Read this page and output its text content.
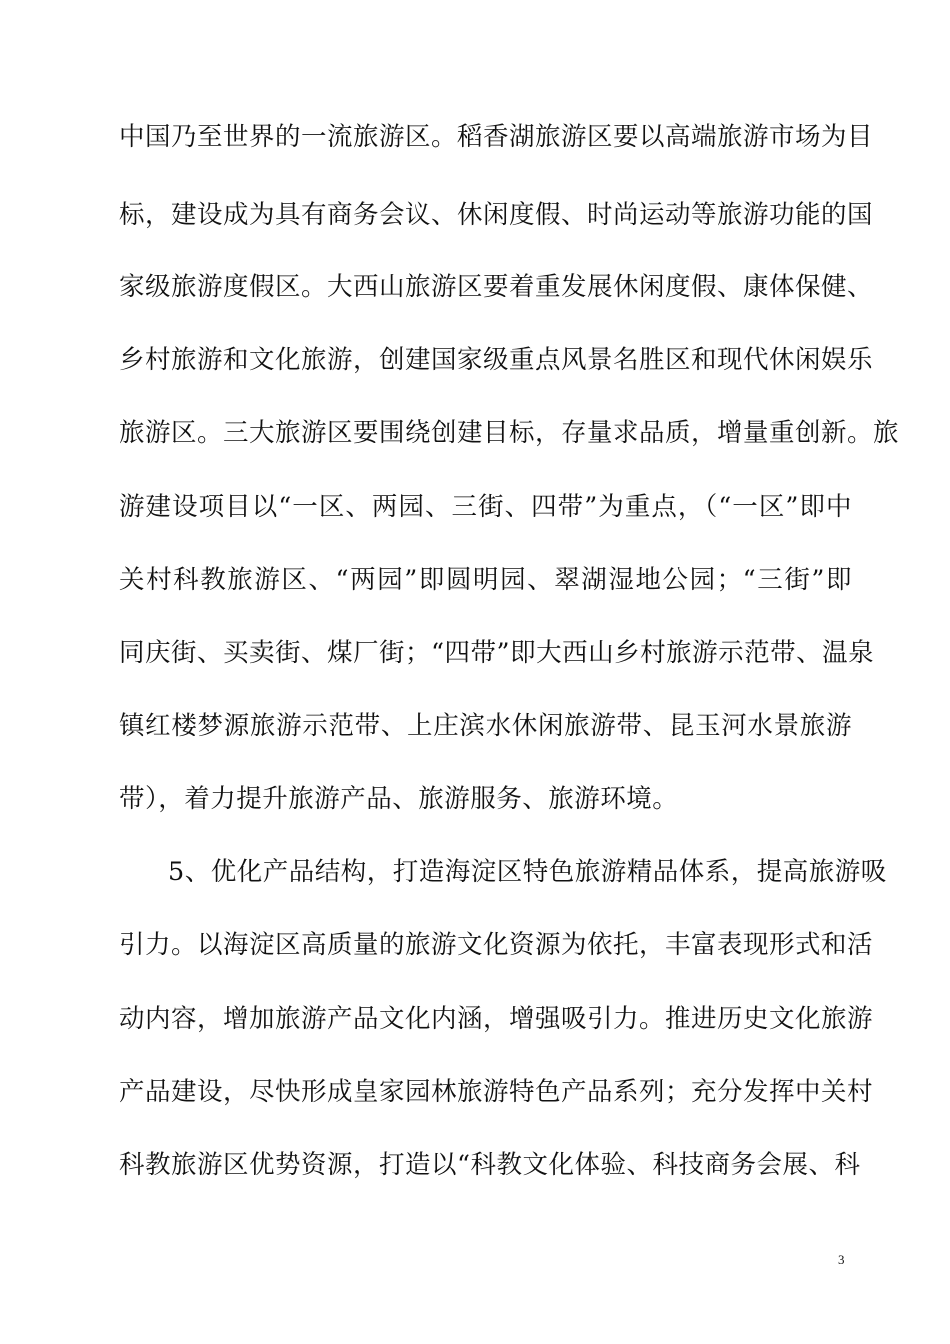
中国乃至世界的一流旅游区。稻香湖旅游区要以高端旅游市场为目
标，建设成为具有商务会议、休闲度假、时尚运动等旅游功能的国
家级旅游度假区。大西山旅游区要着重发展休闲度假、康体保健、
乡村旅游和文化旅游，创建国家级重点风景名胜区和现代休闲娱乐
旅游区。三大旅游区要围绕创建目标，存量求品质，增量重创新。旅
游建设项目以“一区、两园、三街、四带”为重点，（“一区”即中
关村科教旅游区、“两园”即圆明园、翠湖湿地公园；“三街”即
同庆街、买卖街、煤厂街；“四带”即大西山乡村旅游示范带、温泉
镇红楼梦源旅游示范带、上庄滨水休闲旅游带、昆玉河水景旅游
带），着力提升旅游产品、旅游服务、旅游环境。
5、优化产品结构，打造海淀区特色旅游精品体系，提高旅游吸
引力。以海淀区高质量的旅游文化资源为依托，丰富表现形式和活
动内容，增加旅游产品文化内涵，增强吸引力。推进历史文化旅游
产品建设，尽快形成皇家园林旅游特色产品系列；充分发挥中关村
科教旅游区优势资源，打造以“科教文化体验、科技商务会展、科
3
